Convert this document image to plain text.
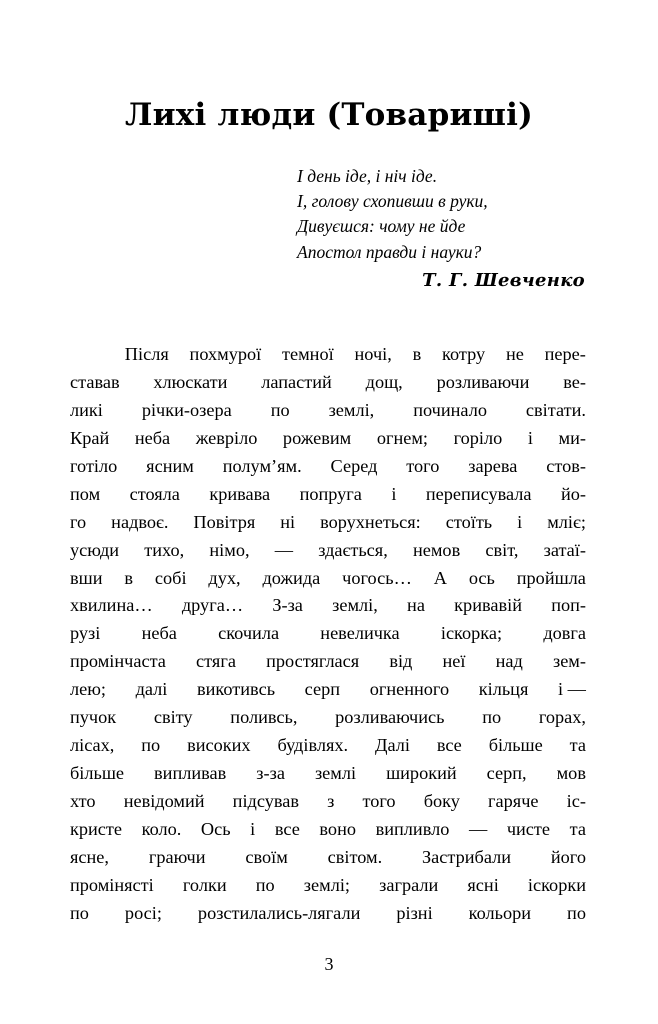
Лихі люди (Товариші)
І день іде, і ніч іде.
І, голову схопивши в руки,
Дивуєшся: чому не йде
Апостол правди і науки?
Т. Г. Шевченко
Після похмурої темної ночі, в котру не пере-
ставав хлюскати лапастий дощ, розливаючи ве-
ликі річки-озера по землі, починало світати.
Край неба жевріло рожевим огнем; горіло і ми-
готіло ясним полум’ям. Серед того зарева стов-
пом стояла кривава попруга і переписувала йо-
го надвоє. Повітря ні ворухнеться: стоїть і мліє;
усюди тихо, німо, — здається, немов світ, затаї-
вши в собі дух, дожида чогось… А ось пройшла
хвилина… друга… З-за землі, на кривавій поп-
рузі неба скочила невеличка іскорка; довга
промінчаста стяга простяглася від неї над зем-
лею; далі викотивсь серп огненного кільця і —
пучок світу поливсь, розливаючись по горах,
лісах, по високих будівлях. Далі все більше та
більше випливав з-за землі широкий серп, мов
хто невідомий підсував з того боку гаряче іс-
кристе коло. Ось і все воно випливло — чисте та
ясне, граючи своїм світом. Застрибали його
промінясті голки по землі; заграли ясні іскорки
по росі; розстилались-лягали різні кольори по
3
